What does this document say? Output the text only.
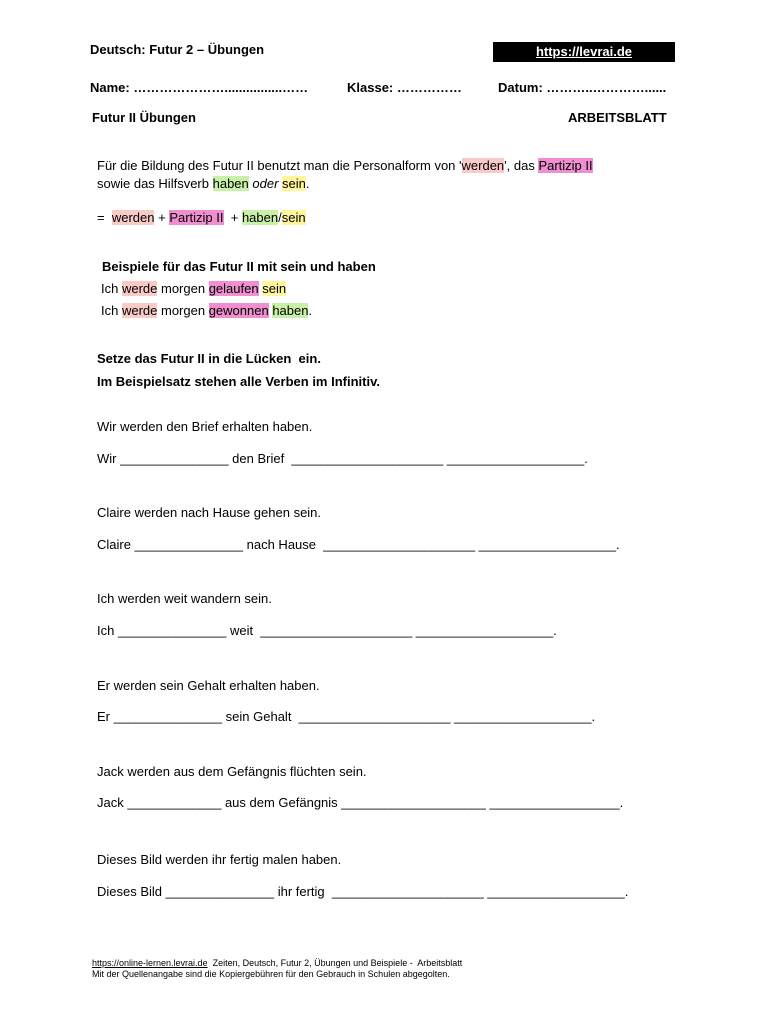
Deutsch: Futur 2 – Übungen	https://levrai.de
Name: …………………................……	Klasse: ……………	Datum: ………..…………......
Futur II Übungen	ARBEITSBLATT
Für die Bildung des Futur II benutzt man die Personalform von 'werden', das Partizip II
sowie das Hilfsverb haben oder sein.
=  werden + Partizip II  + haben/sein
Beispiele für das Futur II mit sein und haben
Ich werde morgen gelaufen sein
Ich werde morgen gewonnen haben.
Setze das Futur II in die Lücken  ein.
Im Beispielsatz stehen alle Verben im Infinitiv.
Wir werden den Brief erhalten haben.
Wir _______________ den Brief  _____________________ ___________________.
Claire werden nach Hause gehen sein.
Claire _______________ nach Hause  _____________________ ___________________.
Ich werden weit wandern sein.
Ich _______________ weit  _____________________ ___________________.
Er werden sein Gehalt erhalten haben.
Er _______________ sein Gehalt  _____________________ ___________________.
Jack werden aus dem Gefängnis flüchten sein.
Jack _____________ aus dem Gefängnis ____________________ __________________.
Dieses Bild werden ihr fertig malen haben.
Dieses Bild _______________ ihr fertig  _____________________ ___________________.
https://online-lernen.levrai.de  Zeiten, Deutsch, Futur 2, Übungen und Beispiele -  Arbeitsblatt
Mit der Quellenangabe sind die Kopiergebühren für den Gebrauch in Schulen abgegolten.
